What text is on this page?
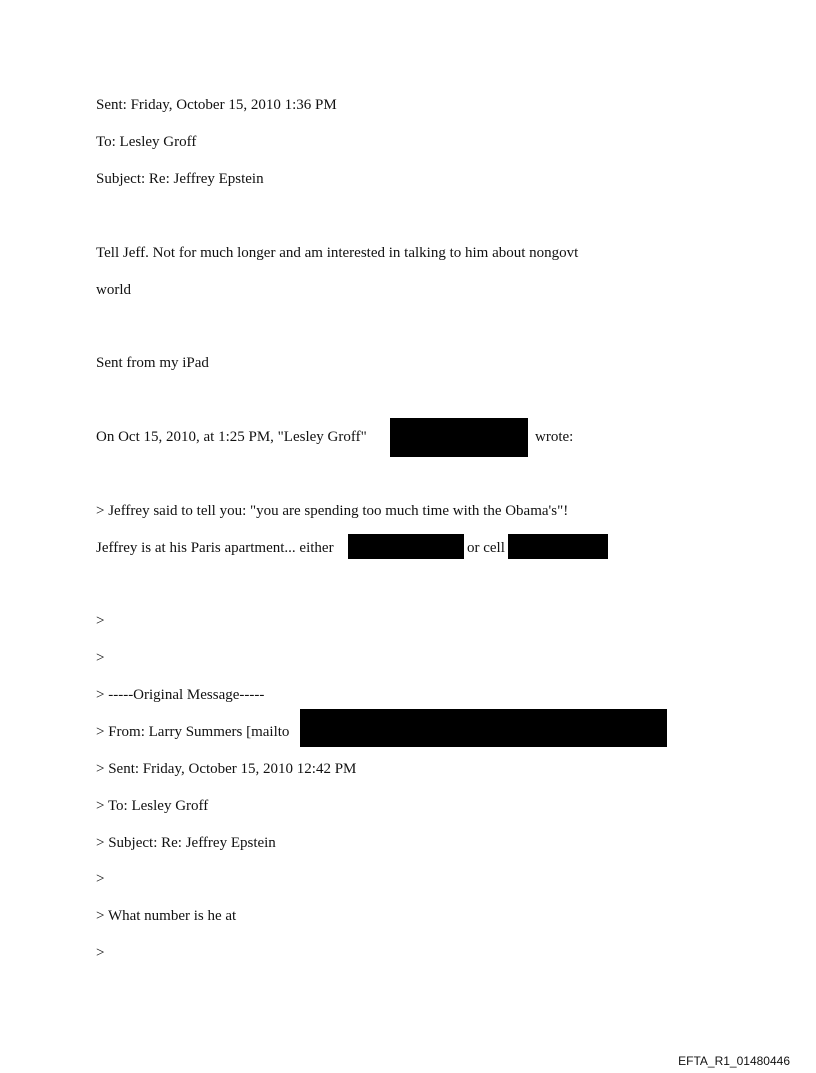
Sent: Friday, October 15, 2010 1:36 PM
To: Lesley Groff
Subject: Re: Jeffrey Epstein
Tell Jeff. Not for much longer and am interested in talking to him about nongovt
world
Sent from my iPad
On Oct 15, 2010, at 1:25 PM, "Lesley Groff"	wrote:
> Jeffrey said to tell you: "you are spending too much time with the Obama's"!
Jeffrey is at his Paris apartment... either	or cell
>
>
> -----Original Message-----
> From: Larry Summers [mailto
> Sent: Friday, October 15, 2010 12:42 PM
> To: Lesley Groff
> Subject: Re: Jeffrey Epstein
>
> What number is he at
>
EFTA_R1_01480446
